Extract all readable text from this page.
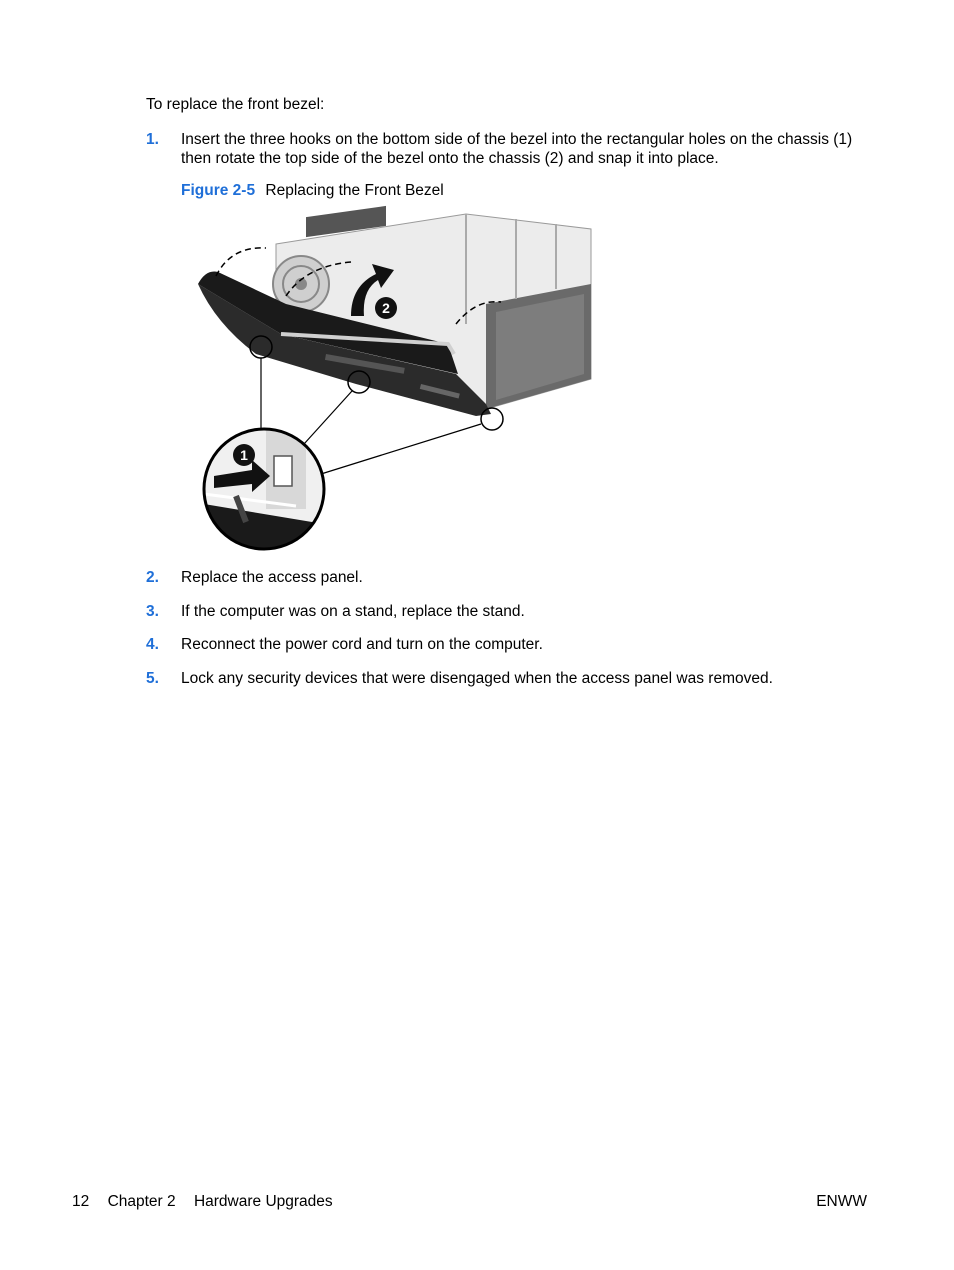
To replace the front bezel:
1. Insert the three hooks on the bottom side of the bezel into the rectangular holes on the chassis (1) then rotate the top side of the bezel onto the chassis (2) and snap it into place.
Figure 2-5 Replacing the Front Bezel
2
1
2. Replace the access panel.
3. If the computer was on a stand, replace the stand.
4. Reconnect the power cord and turn on the computer.
5. Lock any security devices that were disengaged when the access panel was removed.
12 Chapter 2 Hardware Upgrades	ENWW
